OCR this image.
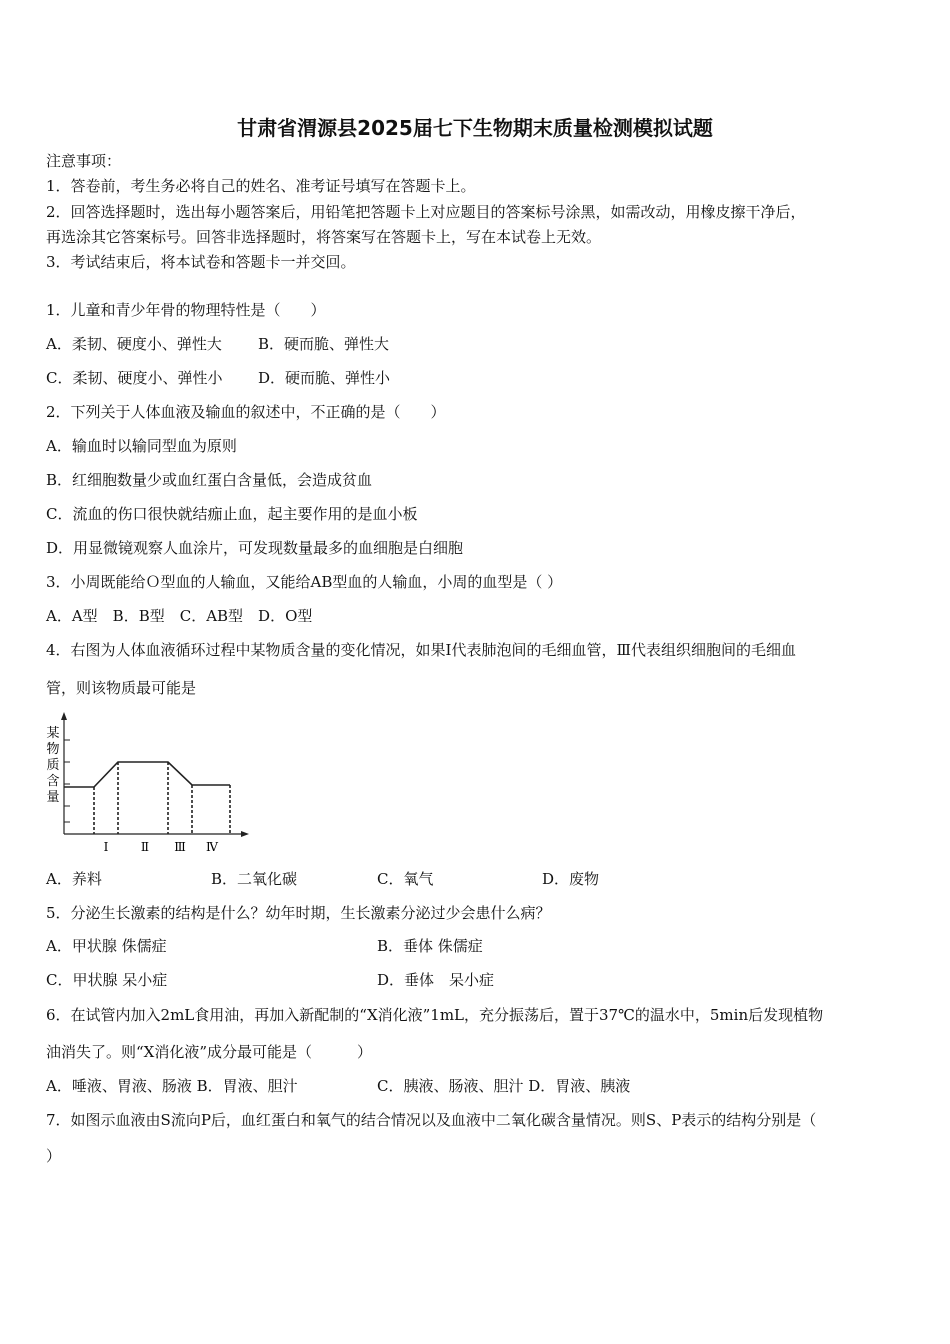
甘肃省渭源县2025届七下生物期末质量检测模拟试题
注意事项：
1．答卷前，考生务必将自己的姓名、准考证号填写在答题卡上。
2．回答选择题时，选出每小题答案后，用铅笔把答题卡上对应题目的答案标号涂黑，如需改动，用橡皮擦干净后，
再选涂其它答案标号。回答非选择题时，将答案写在答题卡上，写在本试卷上无效。
3．考试结束后，将本试卷和答题卡一并交回。
1．儿童和青少年骨的物理特性是（　　）
A．柔韧、硬度小、弹性大 B．硬而脆、弹性大
C．柔韧、硬度小、弹性小 D．硬而脆、弹性小
2．下列关于人体血液及输血的叙述中，不正确的是（　　）
A．输血时以输同型血为原则
B．红细胞数量少或血红蛋白含量低，会造成贫血
C．流血的伤口很快就结痂止血，起主要作用的是血小板
D．用显微镜观察人血涂片，可发现数量最多的血细胞是白细胞
3．小周既能给Ｏ型血的人输血，又能给AB型血的人输血，小周的血型是（ ）
A．A型　B．B型　C．AB型　D．O型
4．右图为人体血液循环过程中某物质含量的变化情况，如果Ⅰ代表肺泡间的毛细血管，Ⅲ代表组织细胞间的毛细血
管，则该物质最可能是
某
物
质
含
量
Ⅰ	Ⅱ Ⅲ Ⅳ
A．养料	B．二氧化碳	C．氧气	D．废物
5．分泌生长激素的结构是什么？幼年时期，生长激素分泌过少会患什么病？
A．甲状腺 侏儒症	B．垂体 侏儒症
C．甲状腺 呆小症	D．垂体　呆小症
6．在试管内加入2mL食用油，再加入新配制的“X消化液”1mL，充分振荡后，置于37℃的温水中，5min后发现植物
油消失了。则“X消化液”成分最可能是（　　　）
A．唾液、胃液、肠液 B．胃液、胆汁	C．胰液、肠液、胆汁 D．胃液、胰液
7．如图示血液由S流向P后，血红蛋白和氧气的结合情况以及血液中二氧化碳含量情况。则S、P表示的结构分别是（
）
